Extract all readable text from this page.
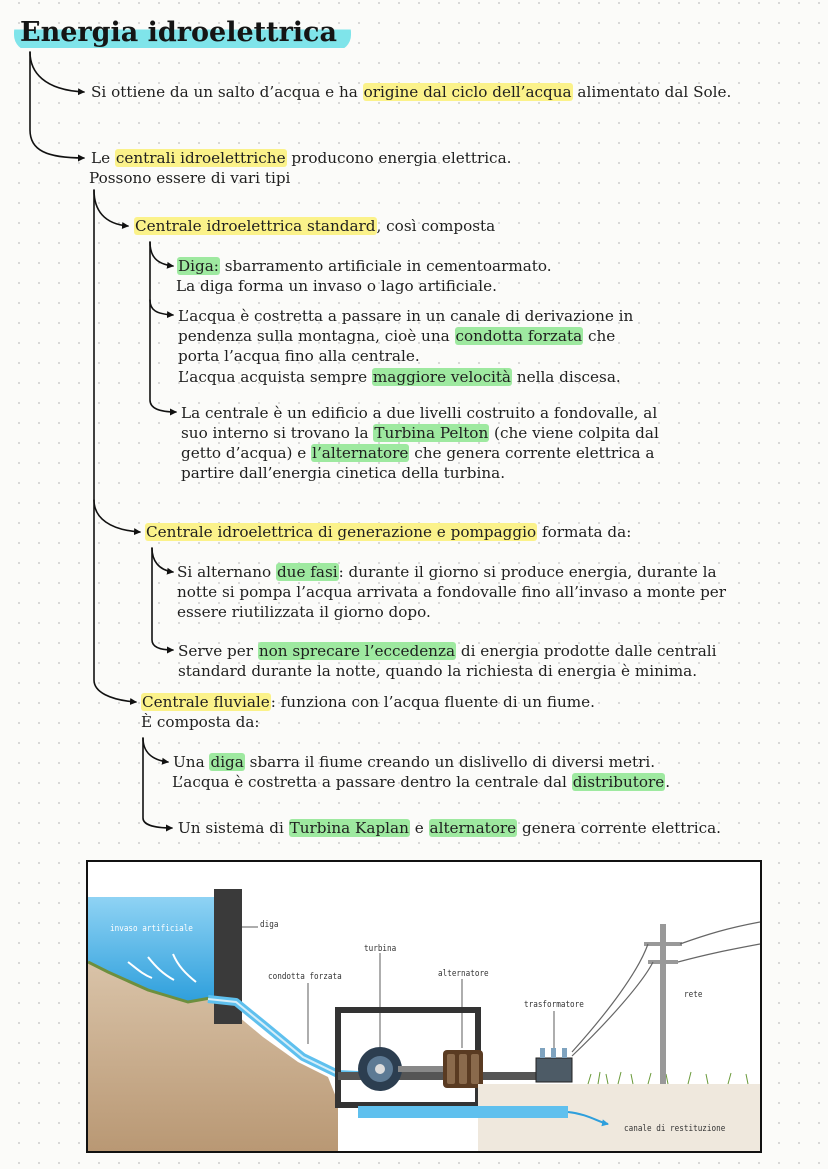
Energia idroelettrica
Si ottiene da un salto d’acqua e ha origine dal ciclo dell’acqua alimentato dal Sole.
Le centrali idroelettriche producono energia elettrica.
Possono essere di vari tipi
Centrale idroelettrica standard, così composta
Diga: sbarramento artificiale in cementoarmato.
La diga forma un invaso o lago artificiale.
L’acqua è costretta a passare in un canale di derivazione in
pendenza sulla montagna, cioè una condotta forzata che
porta l’acqua fino alla centrale.
L’acqua acquista sempre maggiore velocità nella discesa.
La centrale è un edificio a due livelli costruito a fondovalle, al
suo interno si trovano la Turbina Pelton (che viene colpita dal
getto d’acqua) e l’alternatore che genera corrente elettrica a
partire dall’energia cinetica della turbina.
Centrale idroelettrica di generazione e pompaggio formata da:
Si alternano due fasi: durante il giorno si produce energia, durante la
notte si pompa l’acqua arrivata a fondovalle fino all’invaso a monte per
essere riutilizzata il giorno dopo.
Serve per non sprecare l’eccedenza di energia prodotte dalle centrali
standard durante la notte, quando la richiesta di energia è minima.
Centrale fluviale: funziona con l’acqua fluente di un fiume.
È composta da:
Una diga sbarra il fiume creando un dislivello di diversi metri.
L’acqua è costretta a passare dentro la centrale dal distributore.
Un sistema di Turbina Kaplan e alternatore genera corrente elettrica.
invaso artificiale	diga
turbina
condotta forzata	alternatore
trasformatore
rete
canale di restituzione
